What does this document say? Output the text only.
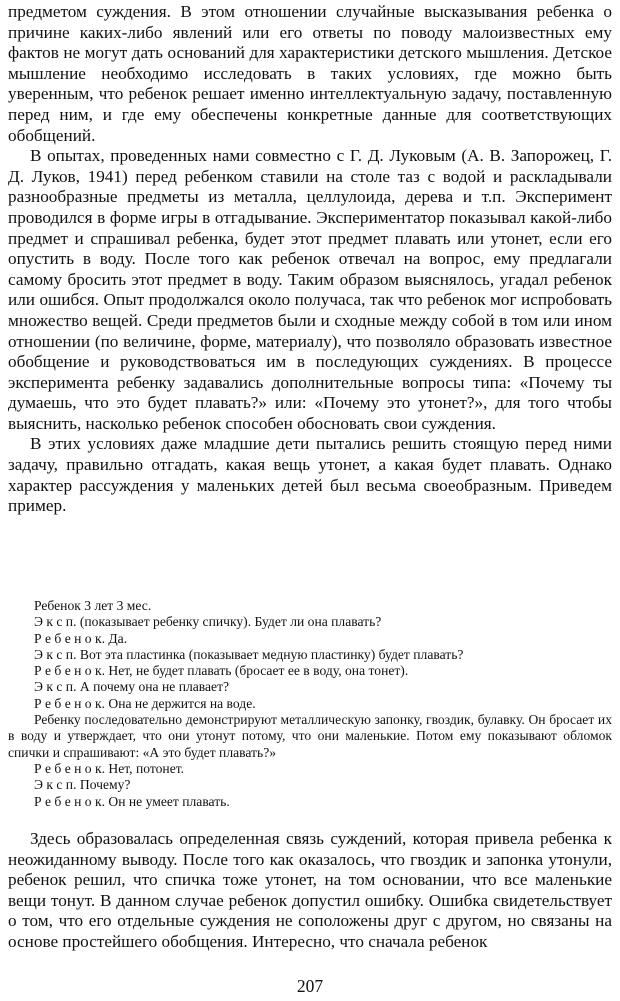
предметом суждения. В этом отношении случайные высказывания ребенка о причине каких-либо явлений или его ответы по поводу малоизвестных ему фактов не могут дать оснований для характеристики детского мышления. Детское мышление необходимо исследовать в таких условиях, где можно быть уверенным, что ребенок решает именно интеллектуальную задачу, поставленную перед ним, и где ему обеспечены конкретные данные для соответствующих обобщений.

В опытах, проведенных нами совместно с Г. Д. Луковым (А. В. Запорожец, Г. Д. Луков, 1941) перед ребенком ставили на столе таз с водой и раскладывали разнообразные предметы из металла, целлулоида, дерева и т.п. Эксперимент проводился в форме игры в отгадывание. Экспериментатор показывал какой-либо предмет и спрашивал ребенка, будет этот предмет плавать или утонет, если его опустить в воду. После того как ребенок отвечал на вопрос, ему предлагали самому бросить этот предмет в воду. Таким образом выяснялось, угадал ребенок или ошибся. Опыт продолжался около получаса, так что ребенок мог испробовать множество вещей. Среди предметов были и сходные между собой в том или ином отношении (по величине, форме, материалу), что позволяло образовать известное обобщение и руководствоваться им в последующих суждениях. В процессе эксперимента ребенку задавались дополнительные вопросы типа: «Почему ты думаешь, что это будет плавать?» или: «Почему это утонет?», для того чтобы выяснить, насколько ребенок способен обосновать свои суждения.

В этих условиях даже младшие дети пытались решить стоящую перед ними задачу, правильно отгадать, какая вещь утонет, а какая будет плавать. Однако характер рассуждения у маленьких детей был весьма своеобразным. Приведем пример.

Ребенок 3 лет 3 мес.

Э к с п. (показывает ребенку спичку). Будет ли она плавать?

Р е б е н о к. Да.

Э к с п. Вот эта пластинка (показывает медную пластинку) будет плавать?

Р е б е н о к. Нет, не будет плавать (бросает ее в воду, она тонет).

Э к с п. А почему она не плавает?

Р е б е н о к. Она не держится на воде.

Ребенку последовательно демонстрируют металлическую запонку, гвоздик, булавку. Он бросает их в воду и утверждает, что они утонут потому, что они маленькие. Потом ему показывают обломок спички и спрашивают: «А это будет плавать?»

Р е б е н о к. Нет, потонет.

Э к с п. Почему?

Р е б е н о к. Он не умеет плавать.

Здесь образовалась определенная связь суждений, которая привела ребенка к неожиданному выводу. После того как оказалось, что гвоздик и запонка утонули, ребенок решил, что спичка тоже утонет, на том основании, что все маленькие вещи тонут. В данном случае ребенок допустил ошибку. Ошибка свидетельствует о том, что его отдельные суждения не соположены друг с другом, но связаны на основе простейшего обобщения. Интересно, что сначала ребенок

207
